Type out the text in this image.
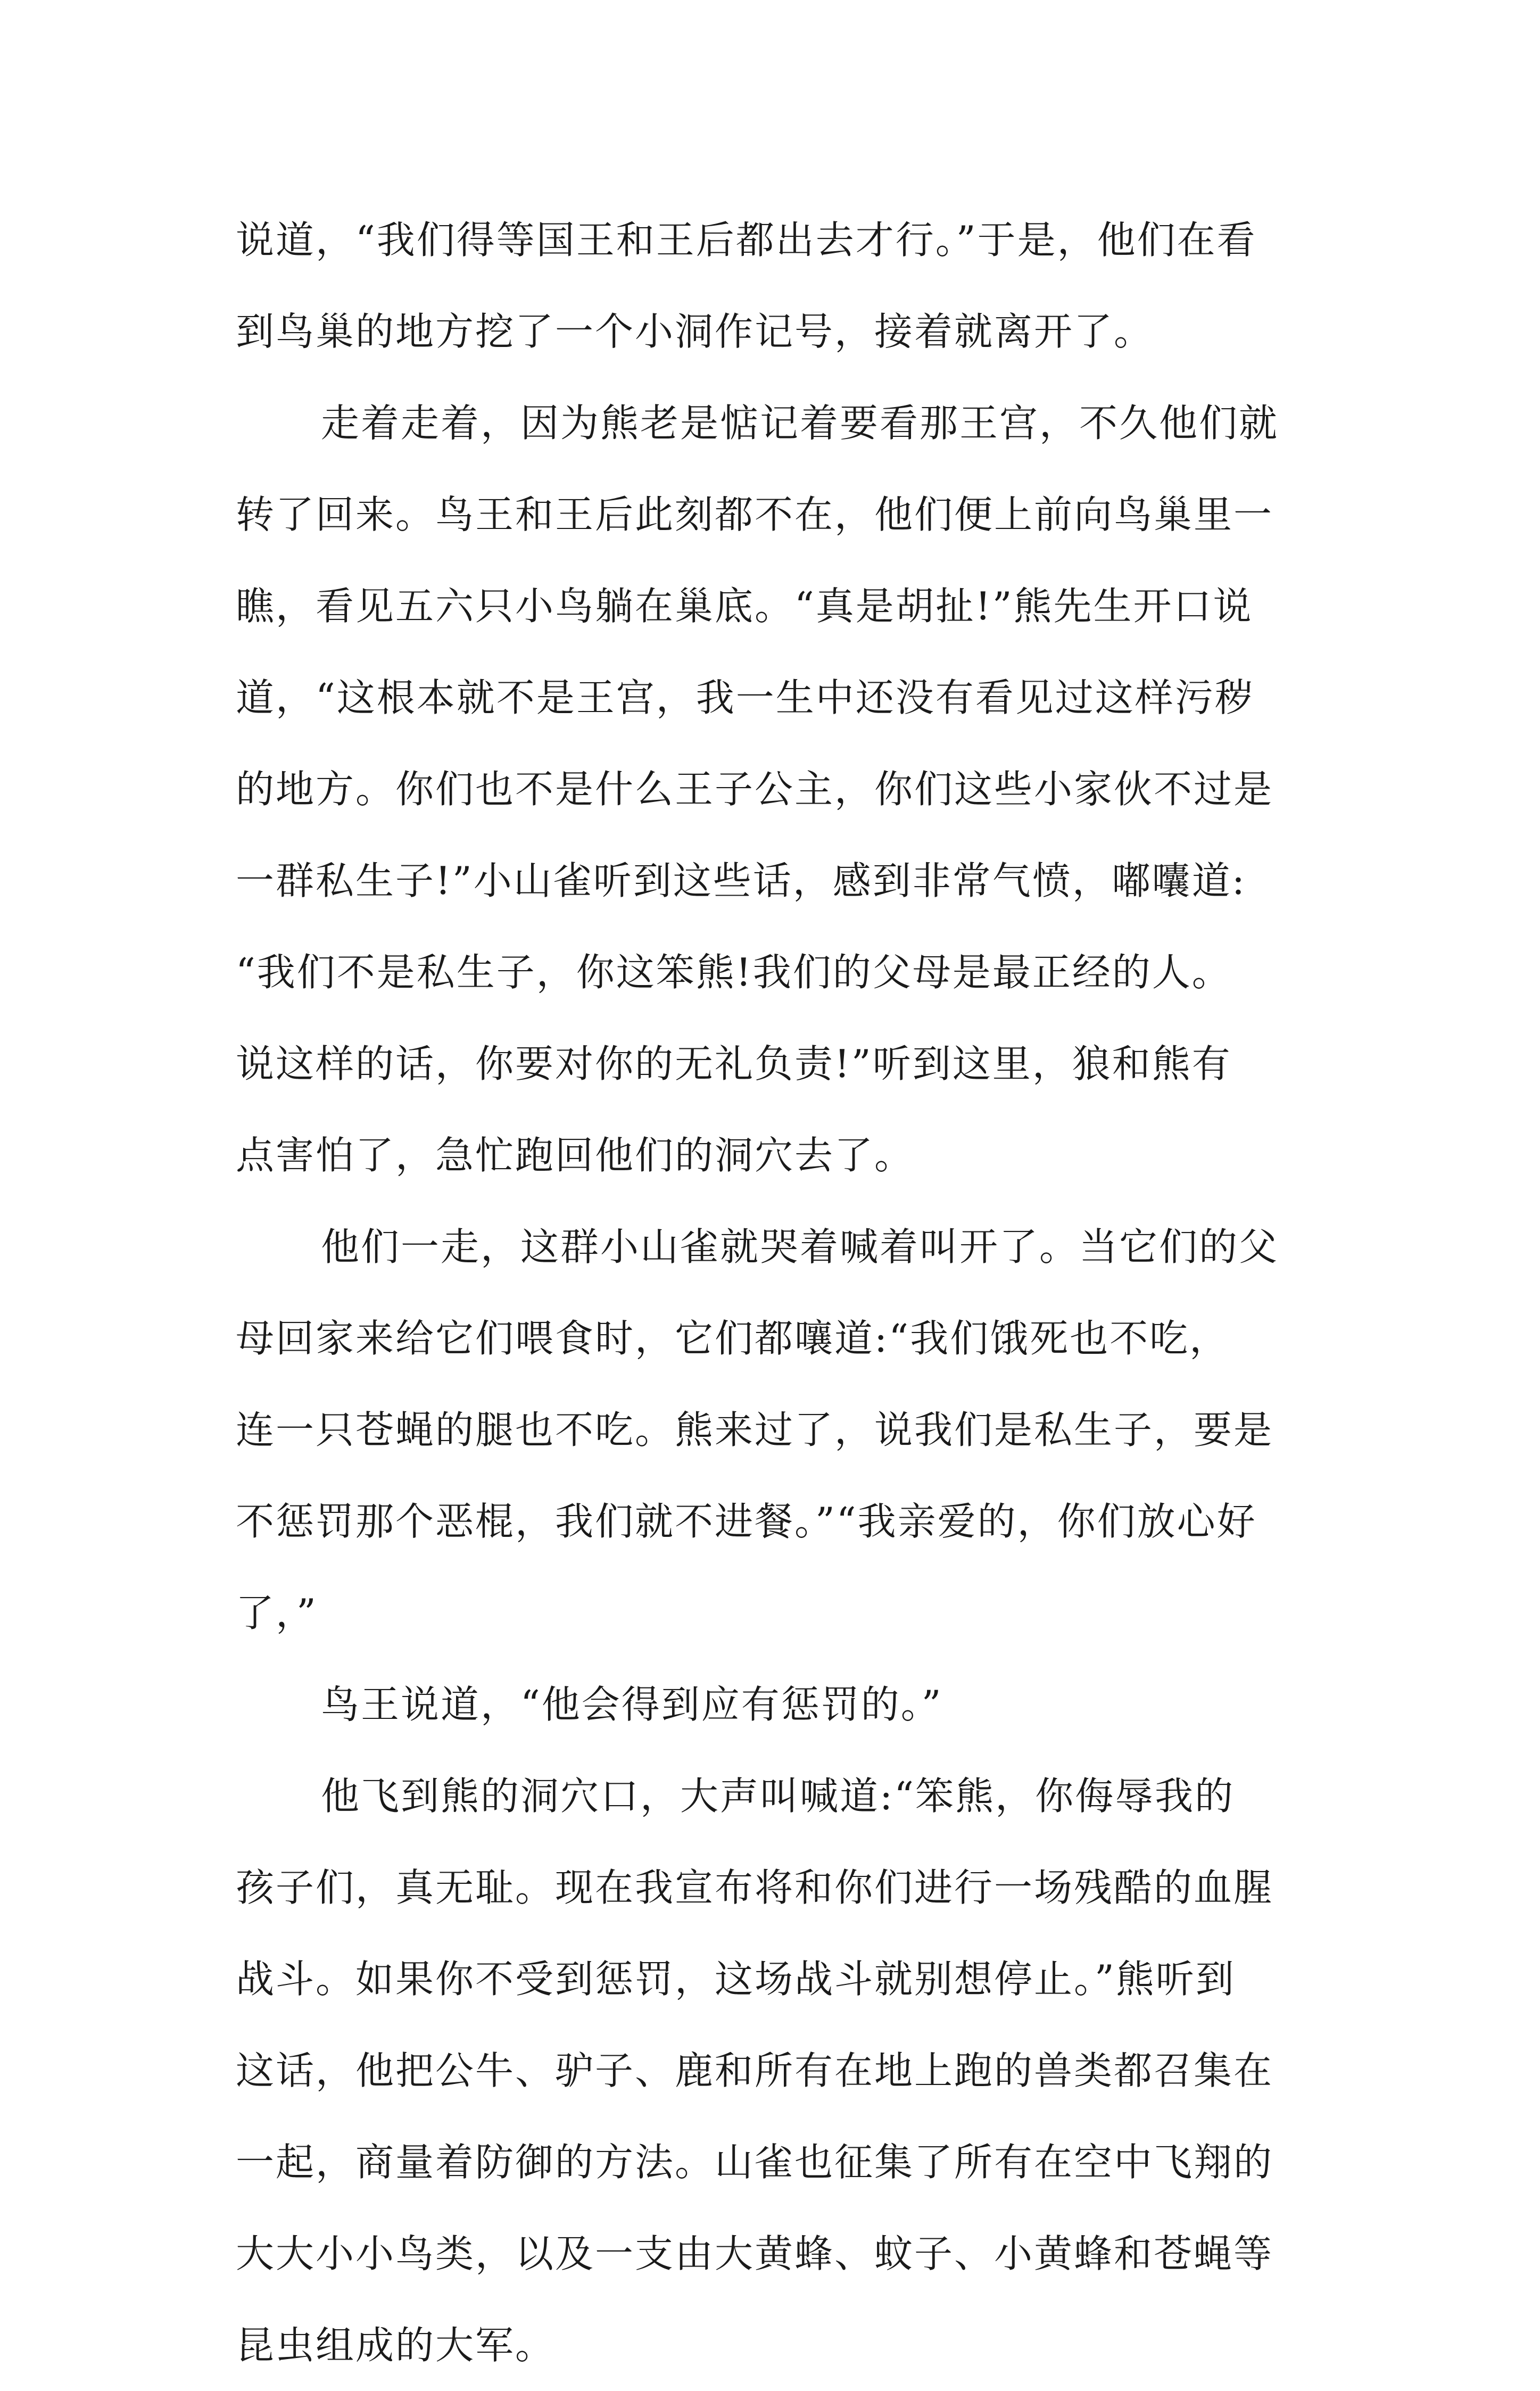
说道，“我们得等国王和王后都出去才行。”于是，他们在看
到鸟巢的地方挖了一个小洞作记号，接着就离开了。
走着走着，因为熊老是惦记着要看那王宫，不久他们就
转了回来。鸟王和王后此刻都不在，他们便上前向鸟巢里一
瞧，看见五六只小鸟躺在巢底。“真是胡扯!”熊先生开口说
道，“这根本就不是王宫，我一生中还没有看见过这样污秽
的地方。你们也不是什么王子公主，你们这些小家伙不过是
一群私生子!”小山雀听到这些话，感到非常气愤，嘟囔道:
“我们不是私生子，你这笨熊!我们的父母是最正经的人。
说这样的话，你要对你的无礼负责!”听到这里，狼和熊有
点害怕了，急忙跑回他们的洞穴去了。
他们一走，这群小山雀就哭着喊着叫开了。当它们的父
母回家来给它们喂食时，它们都嚷道:“我们饿死也不吃，
连一只苍蝇的腿也不吃。熊来过了，说我们是私生子，要是
不惩罚那个恶棍，我们就不进餐。”“我亲爱的，你们放心好
了，”
鸟王说道，“他会得到应有惩罚的。”
他飞到熊的洞穴口，大声叫喊道:“笨熊，你侮辱我的
孩子们，真无耻。现在我宣布将和你们进行一场残酷的血腥
战斗。如果你不受到惩罚，这场战斗就别想停止。”熊听到
这话，他把公牛、驴子、鹿和所有在地上跑的兽类都召集在
一起，商量着防御的方法。山雀也征集了所有在空中飞翔的
大大小小鸟类，以及一支由大黄蜂、蚊子、小黄蜂和苍蝇等
昆虫组成的大军。
